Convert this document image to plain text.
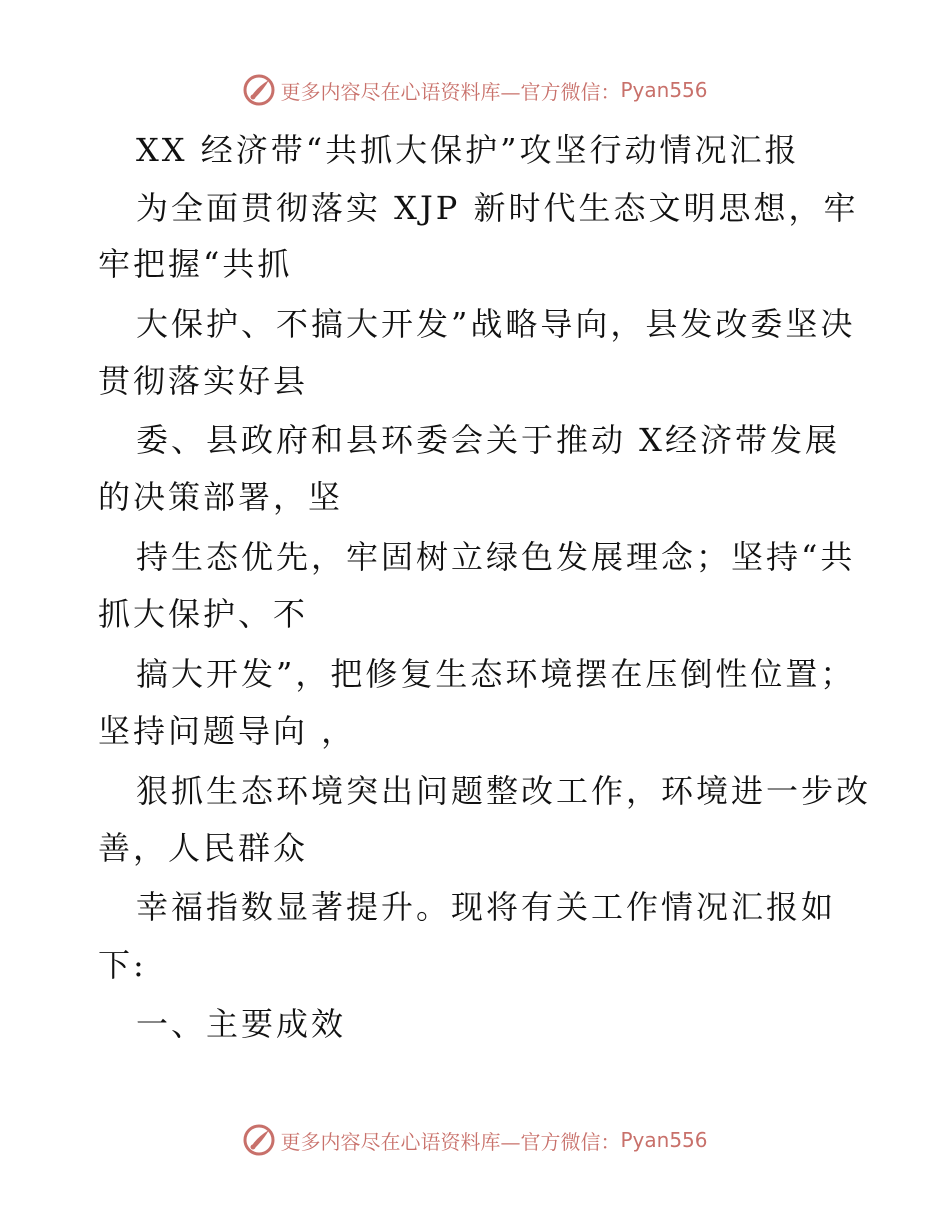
更多内容尽在心语资料库—官方微信： Pyan556
XX 经济带“共抓大保护”攻坚行动情况汇报
为全面贯彻落实 XJP 新时代生态文明思想，牢
牢把握“共抓
大保护、不搞大开发”战略导向，县发改委坚决
贯彻落实好县
委、县政府和县环委会关于推动 X经济带发展
的决策部署，坚
持生态优先，牢固树立绿色发展理念；坚持“共
抓大保护、不
搞大开发”，把修复生态环境摆在压倒性位置；
坚持问题导向 ，
狠抓生态环境突出问题整改工作，环境进一步改
善，人民群众
幸福指数显著提升。现将有关工作情况汇报如
下:
一、主要成效
更多内容尽在心语资料库—官方微信： Pyan556
